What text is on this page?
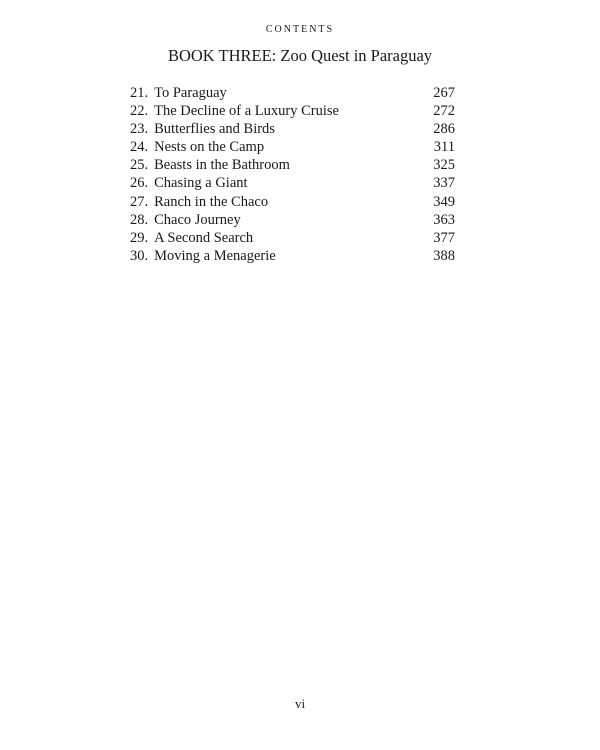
CONTENTS
BOOK THREE: Zoo Quest in Paraguay
21. To Paraguay	267
22. The Decline of a Luxury Cruise	272
23. Butterflies and Birds	286
24. Nests on the Camp	311
25. Beasts in the Bathroom	325
26. Chasing a Giant	337
27. Ranch in the Chaco	349
28. Chaco Journey	363
29. A Second Search	377
30. Moving a Menagerie	388
vi
